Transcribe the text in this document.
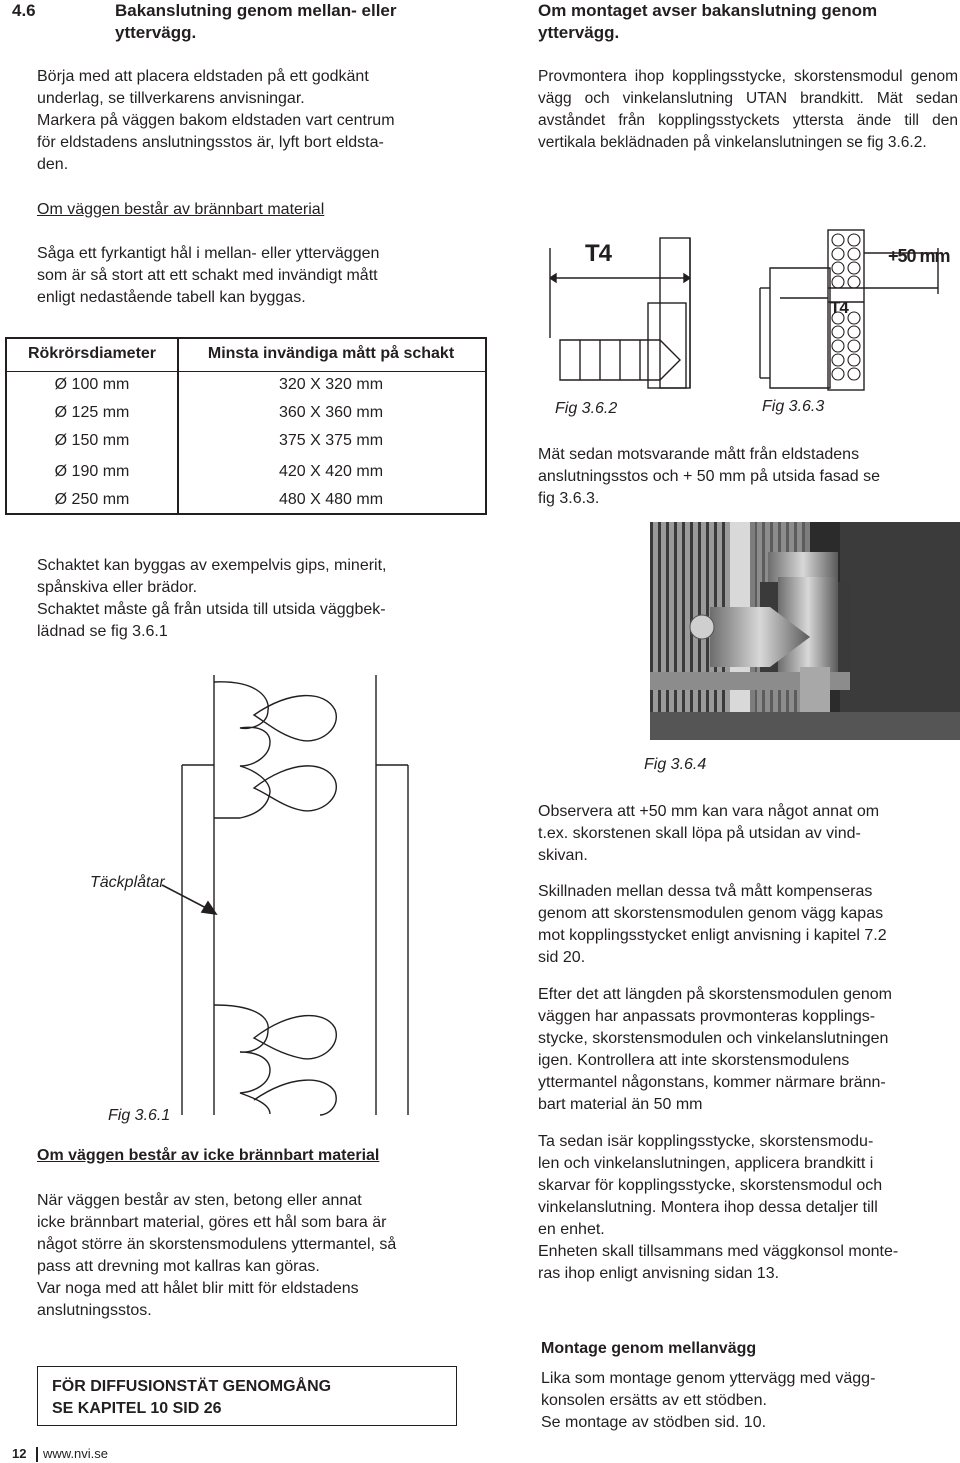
4.6	Bakanslutning genom mellan- eller
yttervägg.
Börja med att placera eldstaden på ett godkänt
underlag, se tillverkarens anvisningar.
Markera på väggen bakom eldstaden vart centrum
för eldstadens anslutningsstos är, lyft bort eldsta-
den.
Om väggen består av brännbart material
Såga ett fyrkantigt hål i mellan- eller ytterväggen
som är så stort att ett schakt med invändigt mått
enligt nedastående tabell kan byggas.
Rökrörsdiameter	Minsta invändiga mått på schakt
Ø 100 mm	320 X 320 mm
Ø 125 mm	360 X 360 mm
Ø 150 mm	375 X 375 mm
Ø 190 mm	420 X 420 mm
Ø 250 mm	480 X 480 mm
Schaktet kan byggas av exempelvis gips, minerit,
spånskiva eller brädor.
Schaktet måste gå från utsida till utsida väggbek-
lädnad se fig 3.6.1
Täckplåtar
Fig 3.6.1
Om väggen består av icke brännbart material
När väggen består av sten, betong eller annat
icke brännbart material, göres ett hål som bara är
något större än skorstensmodulens yttermantel, så
pass att drevning mot kallras kan göras.
Var noga med att hålet blir mitt för eldstadens
anslutningsstos.
FÖR DIFFUSIONSTÄT GENOMGÅNG
SE KAPITEL 10 SID 26
12 www.nvi.se
Om montaget avser bakanslutning genom
yttervägg.
Provmontera ihop kopplingsstycke, skorstensmodul genom vägg och vinkelanslutning UTAN brandkitt. Mät sedan avståndet från kopplingsstyckets yttersta ände till den vertikala beklädnaden på vinkelanslutningen se fig 3.6.2.
T4	+50 mm
T4
Fig 3.6.2	Fig 3.6.3
Mät sedan motsvarande mått från eldstadens
anslutningsstos och + 50 mm på utsida fasad se
fig 3.6.3.
Fig 3.6.4
Observera att +50 mm kan vara något annat om
t.ex. skorstenen skall löpa på utsidan av vind-
skivan.
Skillnaden mellan dessa två mått kompenseras
genom att skorstensmodulen genom vägg kapas
mot kopplingsstycket enligt anvisning i kapitel 7.2
sid 20.
Efter det att längden på skorstensmodulen genom
väggen har anpassats provmonteras kopplings-
stycke, skorstensmodulen och vinkelanslutningen
igen. Kontrollera att inte skorstensmodulens
yttermantel någonstans, kommer närmare bränn-
bart material än 50 mm
Ta sedan isär kopplingsstycke, skorstensmodu-
len och vinkelanslutningen, applicera brandkitt i
skarvar för kopplingsstycke, skorstensmodul och
vinkelanslutning. Montera ihop dessa detaljer till
en enhet.
Enheten skall tillsammans med väggkonsol monte-
ras ihop enligt anvisning sidan 13.
Montage genom mellanvägg
Lika som montage genom yttervägg med vägg-
konsolen ersätts av ett stödben.
Se montage av stödben sid. 10.
